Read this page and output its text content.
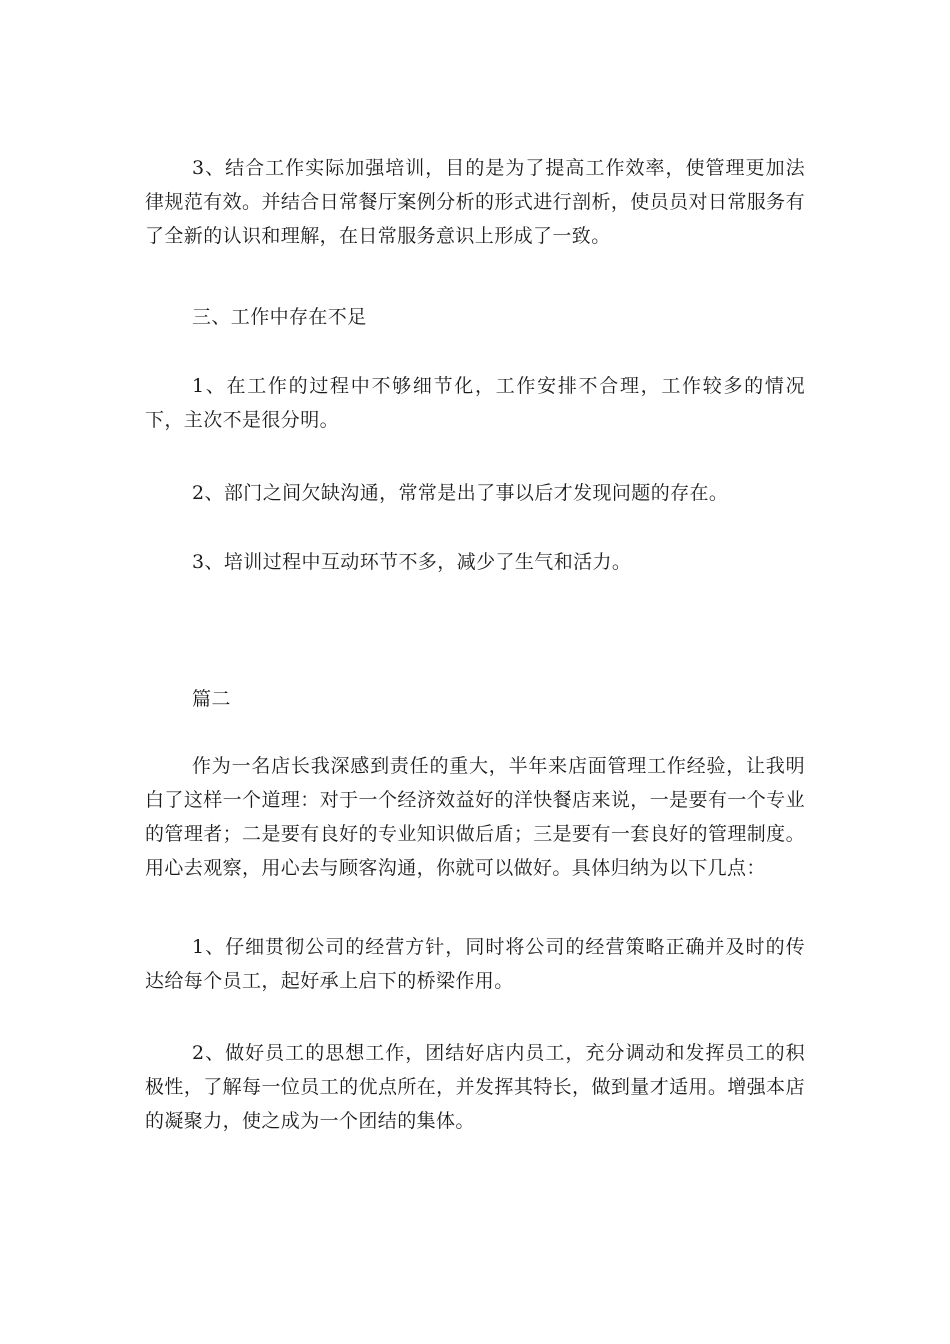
3、结合工作实际加强培训，目的是为了提高工作效率，使管理更加法律规范有效。并结合日常餐厅案例分析的形式进行剖析，使员员对日常服务有了全新的认识和理解，在日常服务意识上形成了一致。

三、工作中存在不足

1、在工作的过程中不够细节化，工作安排不合理，工作较多的情况下，主次不是很分明。

2、部门之间欠缺沟通，常常是出了事以后才发现问题的存在。

3、培训过程中互动环节不多，减少了生气和活力。

篇二

作为一名店长我深感到责任的重大，半年来店面管理工作经验，让我明白了这样一个道理：对于一个经济效益好的洋快餐店来说，一是要有一个专业的管理者；二是要有良好的专业知识做后盾；三是要有一套良好的管理制度。用心去观察，用心去与顾客沟通，你就可以做好。具体归纳为以下几点：

1、仔细贯彻公司的经营方针，同时将公司的经营策略正确并及时的传达给每个员工，起好承上启下的桥梁作用。

2、做好员工的思想工作，团结好店内员工，充分调动和发挥员工的积极性，了解每一位员工的优点所在，并发挥其特长，做到量才适用。增强本店的凝聚力，使之成为一个团结的集体。
